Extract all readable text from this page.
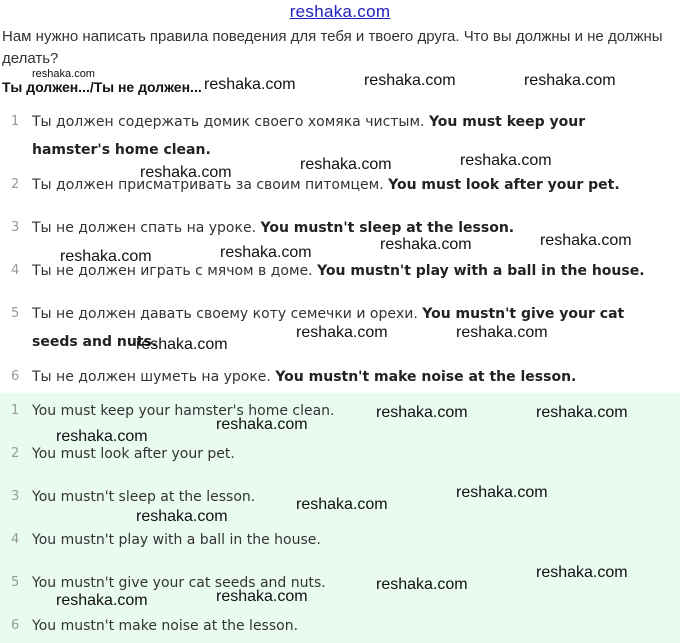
reshaka.com
Нам нужно написать правила поведения для тебя и твоего друга. Что вы должны и не должны делать?
Ты должен.../Ты не должен...
1 Ты должен содержать домик своего хомяка чистым. You must keep your hamster's home clean.
2 Ты должен присматривать за своим питомцем. You must look after your pet.
3 Ты не должен спать на уроке. You mustn't sleep at the lesson.
4 Ты не должен играть с мячом в доме. You mustn't play with a ball in the house.
5 Ты не должен давать своему коту семечки и орехи. You mustn't give your cat seeds and nuts.
6 Ты не должен шуметь на уроке. You mustn't make noise at the lesson.
1 You must keep your hamster's home clean.
2 You must look after your pet.
3 You mustn't sleep at the lesson.
4 You mustn't play with a ball in the house.
5 You mustn't give your cat seeds and nuts.
6 You mustn't make noise at the lesson.
reshaka.com
reshaka.com	reshaka.com	reshaka.com
reshaka.com	reshaka.com	reshaka.com
reshaka.com	reshaka.com	reshaka.com	reshaka.com
reshaka.com
reshaka.com	reshaka.com
reshaka.com
reshaka.com
reshaka.com	reshaka.com
reshaka.com
reshaka.com
reshaka.com
reshaka.com	reshaka.com
reshaka.com
reshaka.com
